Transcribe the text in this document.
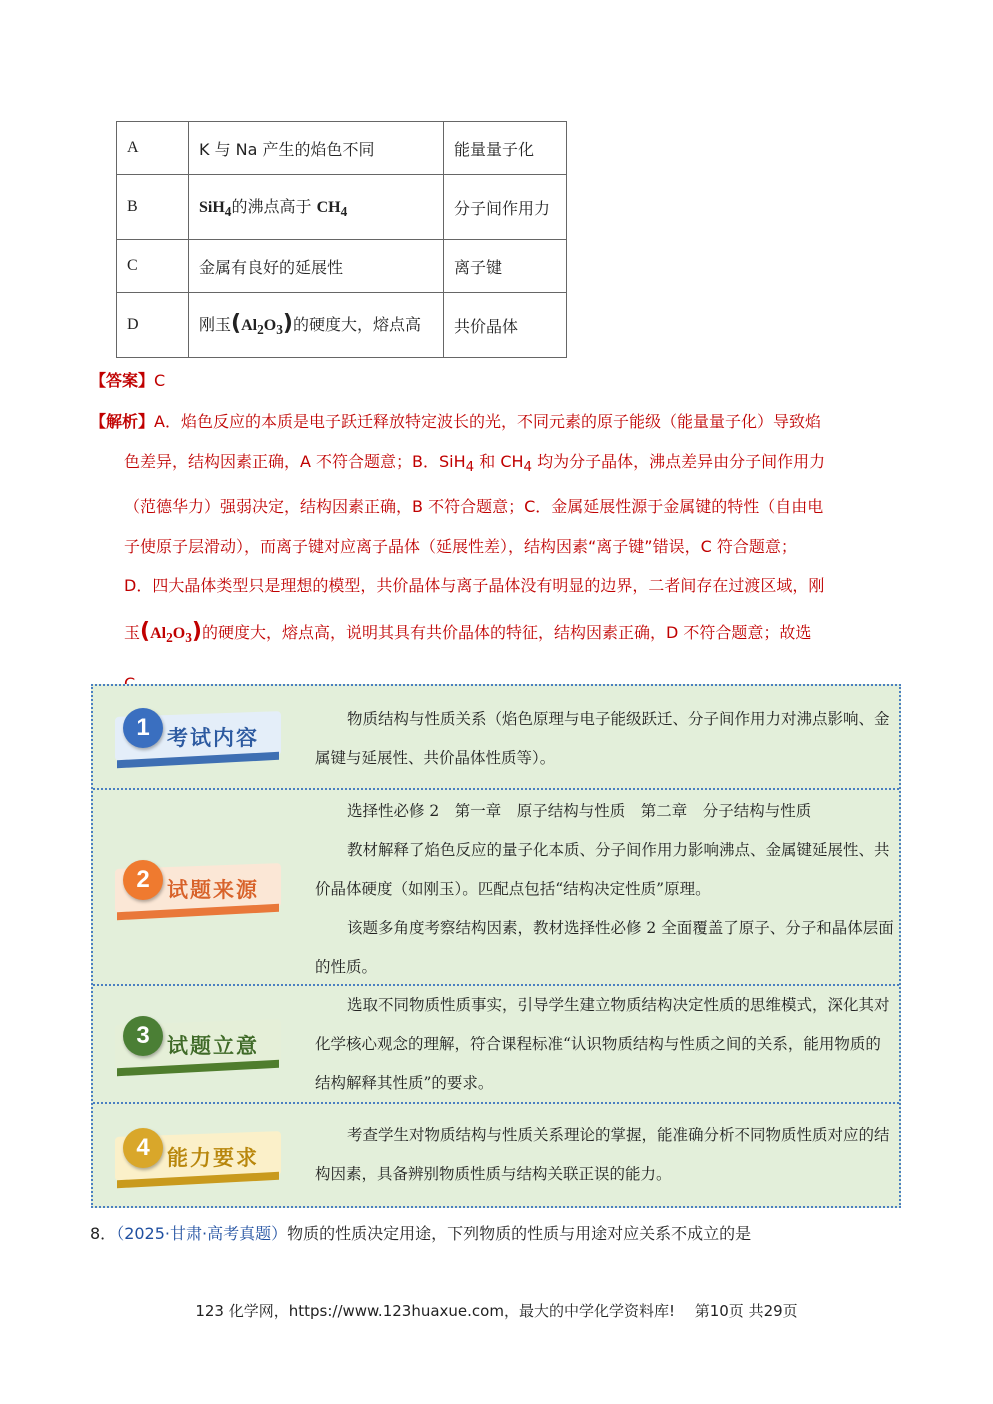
A	K 与 Na 产生的焰色不同	能量量子化
B	SiH$_4$的沸点高于 $CH_4$	分子间作用力
C	金属有良好的延展性	离子键
D	刚玉$(Al_2O_3)$的硬度大，熔点高	共价晶体
【答案】C
【解析】A．焰色反应的本质是电子跃迁释放特定波长的光，不同元素的原子能级（能量量子化）导致焰
色差异，结构因素正确，A 不符合题意；B．SiH$_4$ 和 $CH_4$ 均为分子晶体，沸点差异由分子间作用力
（范德华力）强弱决定，结构因素正确，B 不符合题意；C．金属延展性源于金属键的特性（自由电
子使原子层滑动），而离子键对应离子晶体（延展性差），结构因素“离子键”错误，C 符合题意；
D．四大晶体类型只是理想的模型，共价晶体与离子晶体没有明显的边界，二者间存在过渡区域，刚
玉$(Al_2O_3)$的硬度大，熔点高，说明其具有共价晶体的特征，结构因素正确，D 不符合题意；故选
1 考试内容

物质结构与性质关系（焰色原理与电子能级跃迁、分子间作用力对沸点影响、金属键与延展性、共价晶体性质等）。

2 试题来源

选择性必修 2　第一章　原子结构与性质　第二章　分子结构与性质

教材解释了焰色反应的量子化本质、分子间作用力影响沸点、金属键延展性、共价晶体硬度（如刚玉）。匹配点包括“结构决定性质”原理。

该题多角度考察结构因素，教材选择性必修 2 全面覆盖了原子、分子和晶体层面的性质。

3 试题立意

选取不同物质性质事实，引导学生建立物质结构决定性质的思维模式，深化其对化学核心观念的理解，符合课程标准“认识物质结构与性质之间的关系，能用物质的结构解释其性质”的要求。

4 能力要求

考查学生对物质结构与性质关系理论的掌握，能准确分析不同物质性质对应的结构因素，具备辨别物质性质与结构关联正误的能力。

8．（2025·甘肃·高考真题）物质的性质决定用途，下列物质的性质与用途对应关系不成立的是
123 化学网，https://www.123huaxue.com，最大的中学化学资料库!　 第10页 共29页
